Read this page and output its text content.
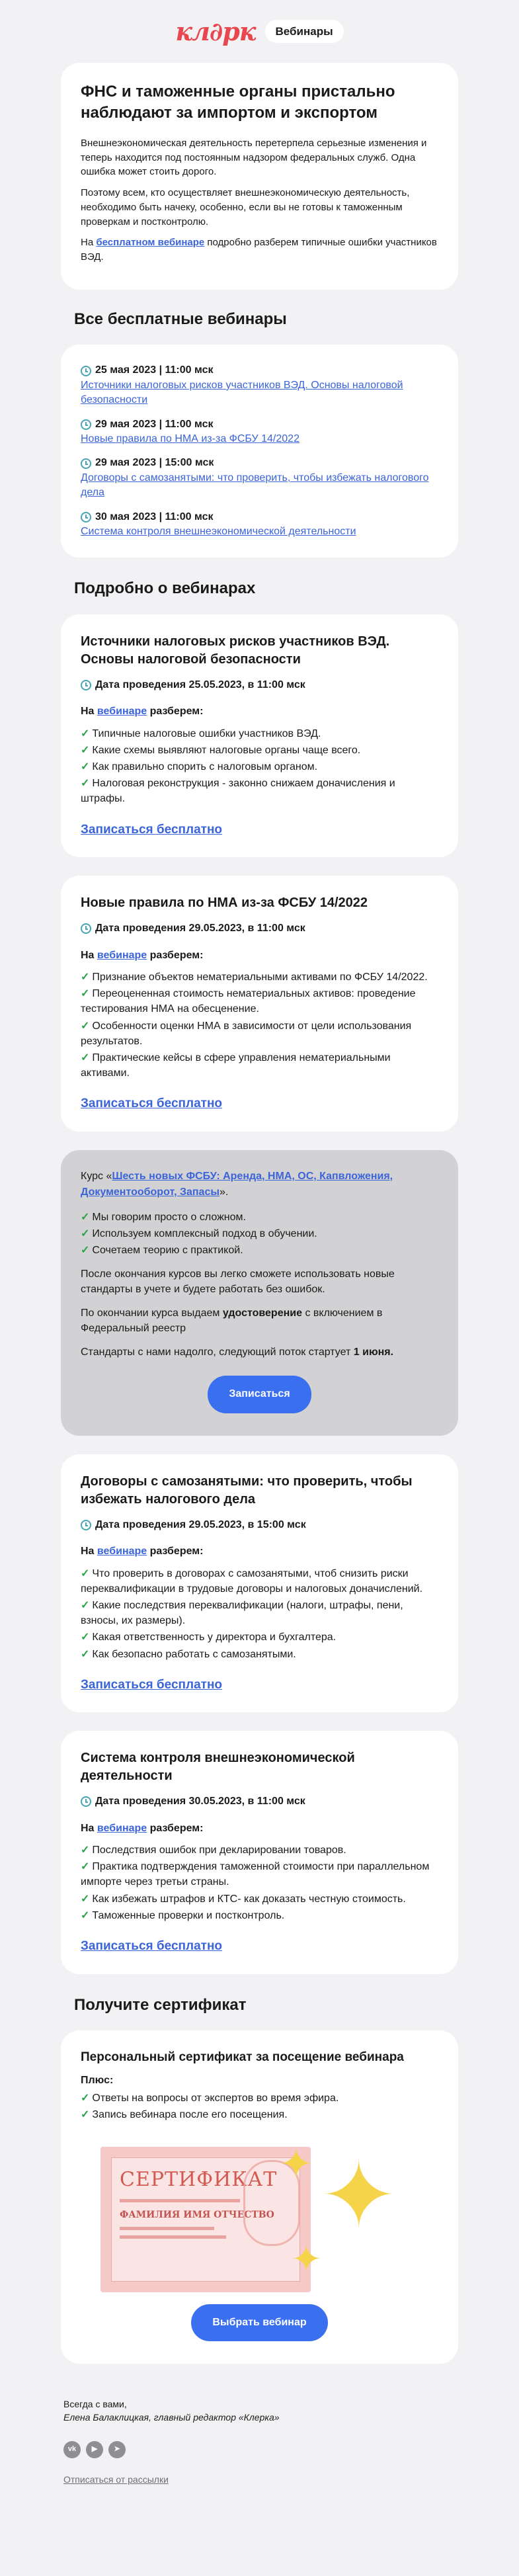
кл∂рк	Вебинары
ФНС и таможенные органы пристально наблюдают за импортом и экспортом

Внешнеэкономическая деятельность перетерпела серьезные изменения и теперь находится под постоянным надзором федеральных служб. Одна ошибка может стоить дорого.

Поэтому всем, кто осуществляет внешнеэкономическую деятельность, необходимо быть начеку, особенно, если вы не готовы к таможенным проверкам и постконтролю.

На бесплатном вебинаре подробно разберем типичные ошибки участников ВЭД.

Все бесплатные вебинары
25 мая 2023 | 11:00 мск
Источники налоговых рисков участников ВЭД. Основы налоговой безопасности
29 мая 2023 | 11:00 мск
Новые правила по НМА из-за ФСБУ 14/2022
29 мая 2023 | 15:00 мск
Договоры с самозанятыми: что проверить, чтобы избежать налогового дела
30 мая 2023 | 11:00 мск
Система контроля внешнеэкономической деятельности
Подробно о вебинарах
Источники налоговых рисков участников ВЭД. Основы налоговой безопасности
Дата проведения 25.05.2023, в 11:00 мск
На вебинаре разберем:
✓ Типичные налоговые ошибки участников ВЭД.
✓ Какие схемы выявляют налоговые органы чаще всего.
✓ Как правильно спорить с налоговым органом.
✓ Налоговая реконструкция - законно снижаем доначисления и штрафы.
Записаться бесплатно
Новые правила по НМА из-за ФСБУ 14/2022
Дата проведения 29.05.2023, в 11:00 мск
На вебинаре разберем:
✓ Признание объектов нематериальными активами по ФСБУ 14/2022.
✓ Переоцененная стоимость нематериальных активов: проведение тестирования НМА на обесценение.
✓ Особенности оценки НМА в зависимости от цели использования результатов.
✓ Практические кейсы в сфере управления нематериальными активами.
Записаться бесплатно
Курс «Шесть новых ФСБУ: Аренда, НМА, ОС, Капвложения, Документооборот, Запасы».
✓ Мы говорим просто о сложном.
✓ Используем комплексный подход в обучении.
✓ Сочетаем теорию с практикой.

После окончания курсов вы легко сможете использовать новые стандарты в учете и будете работать без ошибок.

По окончании курса выдаем удостоверение с включением в Федеральный реестр

Стандарты с нами надолго, следующий поток стартует 1 июня.

Записаться
Договоры с самозанятыми: что проверить, чтобы избежать налогового дела
Дата проведения 29.05.2023, в 15:00 мск
На вебинаре разберем:
✓ Что проверить в договорах с самозанятыми, чтоб снизить риски переквалификации в трудовые договоры и налоговых доначислений.
✓ Какие последствия переквалификации (налоги, штрафы, пени, взносы, их размеры).
✓ Какая ответственность у директора и бухгалтера.
✓ Как безопасно работать с самозанятыми.
Записаться бесплатно
Система контроля внешнеэкономической деятельности
Дата проведения 30.05.2023, в 11:00 мск
На вебинаре разберем:
✓ Последствия ошибок при декларировании товаров.
✓ Практика подтверждения таможенной стоимости при параллельном импорте через третьи страны.
✓ Как избежать штрафов и КТС- как доказать честную стоимость.
✓ Таможенные проверки и постконтроль.
Записаться бесплатно
Получите сертификат
Персональный сертификат за посещение вебинара
Плюс:
✓ Ответы на вопросы от экспертов во время эфира.
✓ Запись вебинара после его посещения.
СЕРТИФИКАТ
ФАМИЛИЯ ИМЯ ОТЧЕСТВО
✦ ✦
✦
Выбрать вебинар

Всегда с вами,

Елена Балаклицкая, главный редактор «Клерка»

vk	▶	➤
Отписаться от рассылки
